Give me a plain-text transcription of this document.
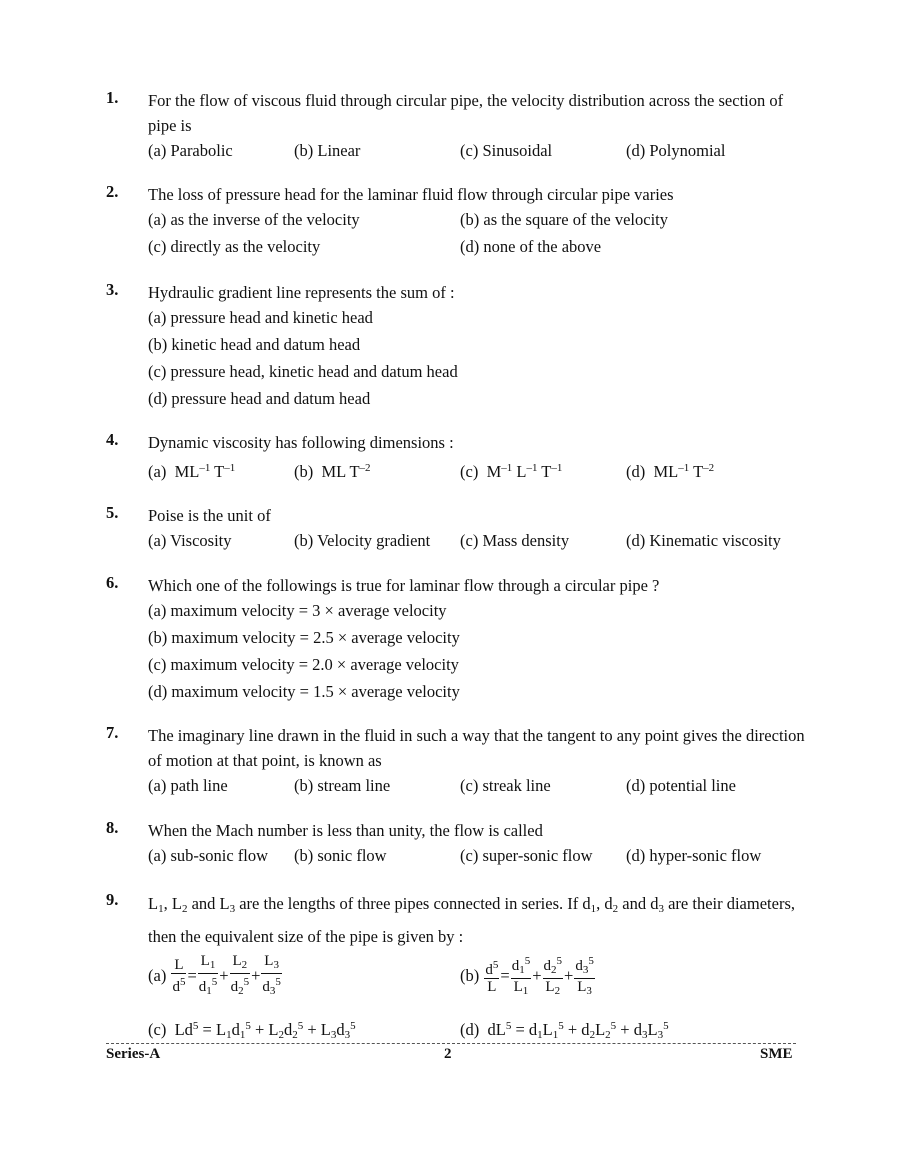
1. For the flow of viscous fluid through circular pipe, the velocity distribution across the section of pipe is
(a) Parabolic	(b) Linear	(c) Sinusoidal	(d) Polynomial
2. The loss of pressure head for the laminar fluid flow through circular pipe varies
(a) as the inverse of the velocity	(b) as the square of the velocity
(c) directly as the velocity	(d) none of the above
3. Hydraulic gradient line represents the sum of :
(a) pressure head and kinetic head
(b) kinetic head and datum head
(c) pressure head, kinetic head and datum head
(d) pressure head and datum head
4. Dynamic viscosity has following dimensions :
(a)  $ML^{-1}$ $T^{-1}$	(b)  ML $T^{-2}$	(c)  $M^{-1}$ $L^{-1}$ $T^{-1}$	(d)  $ML^{-1}$ $T^{-2}$
5. Poise is the unit of
(a) Viscosity	(b) Velocity gradient (c) Mass density	(d) Kinematic viscosity
6. Which one of the followings is true for laminar flow through a circular pipe ?
(a) maximum velocity = 3 × average velocity
(b) maximum velocity = 2.5 × average velocity
(c) maximum velocity = 2.0 × average velocity
(d) maximum velocity = 1.5 × average velocity
7. The imaginary line drawn in the fluid in such a way that the tangent to any point gives the direction of motion at that point, is known as
(a) path line	(b) stream line	(c) streak line	(d) potential line
8. When the Mach number is less than unity, the flow is called
(a) sub-sonic flow (b) sonic flow	(c) super-sonic flow (d) hyper-sonic flow
9. $L_1$, $L_2$ and $L_3$ are the lengths of three pipes connected in series. If $d_1$, $d_2$ and $d_3$ are their diameters, then the equivalent size of the pipe is given by :
(a)
$\frac{L}{d^5} = \frac{L_1}{d_1^5} + \frac{L_2}{d_2^5} + \frac{L_3}{d_3^5}$	(b)
$\frac{d^5}{L} = \frac{d_1^5}{L_1} + \frac{d_2^5}{L_2} + \frac{d_3^5}{L_3}$
(c)  $Ld^5 = L_1d_1^5 + L_2d_2^5 + L_3d_3^5$	(d)  $dL^5 = d_1L_1^5 + d_2L_2^5 + d_3L_3^5$
Series-A	2	SME
